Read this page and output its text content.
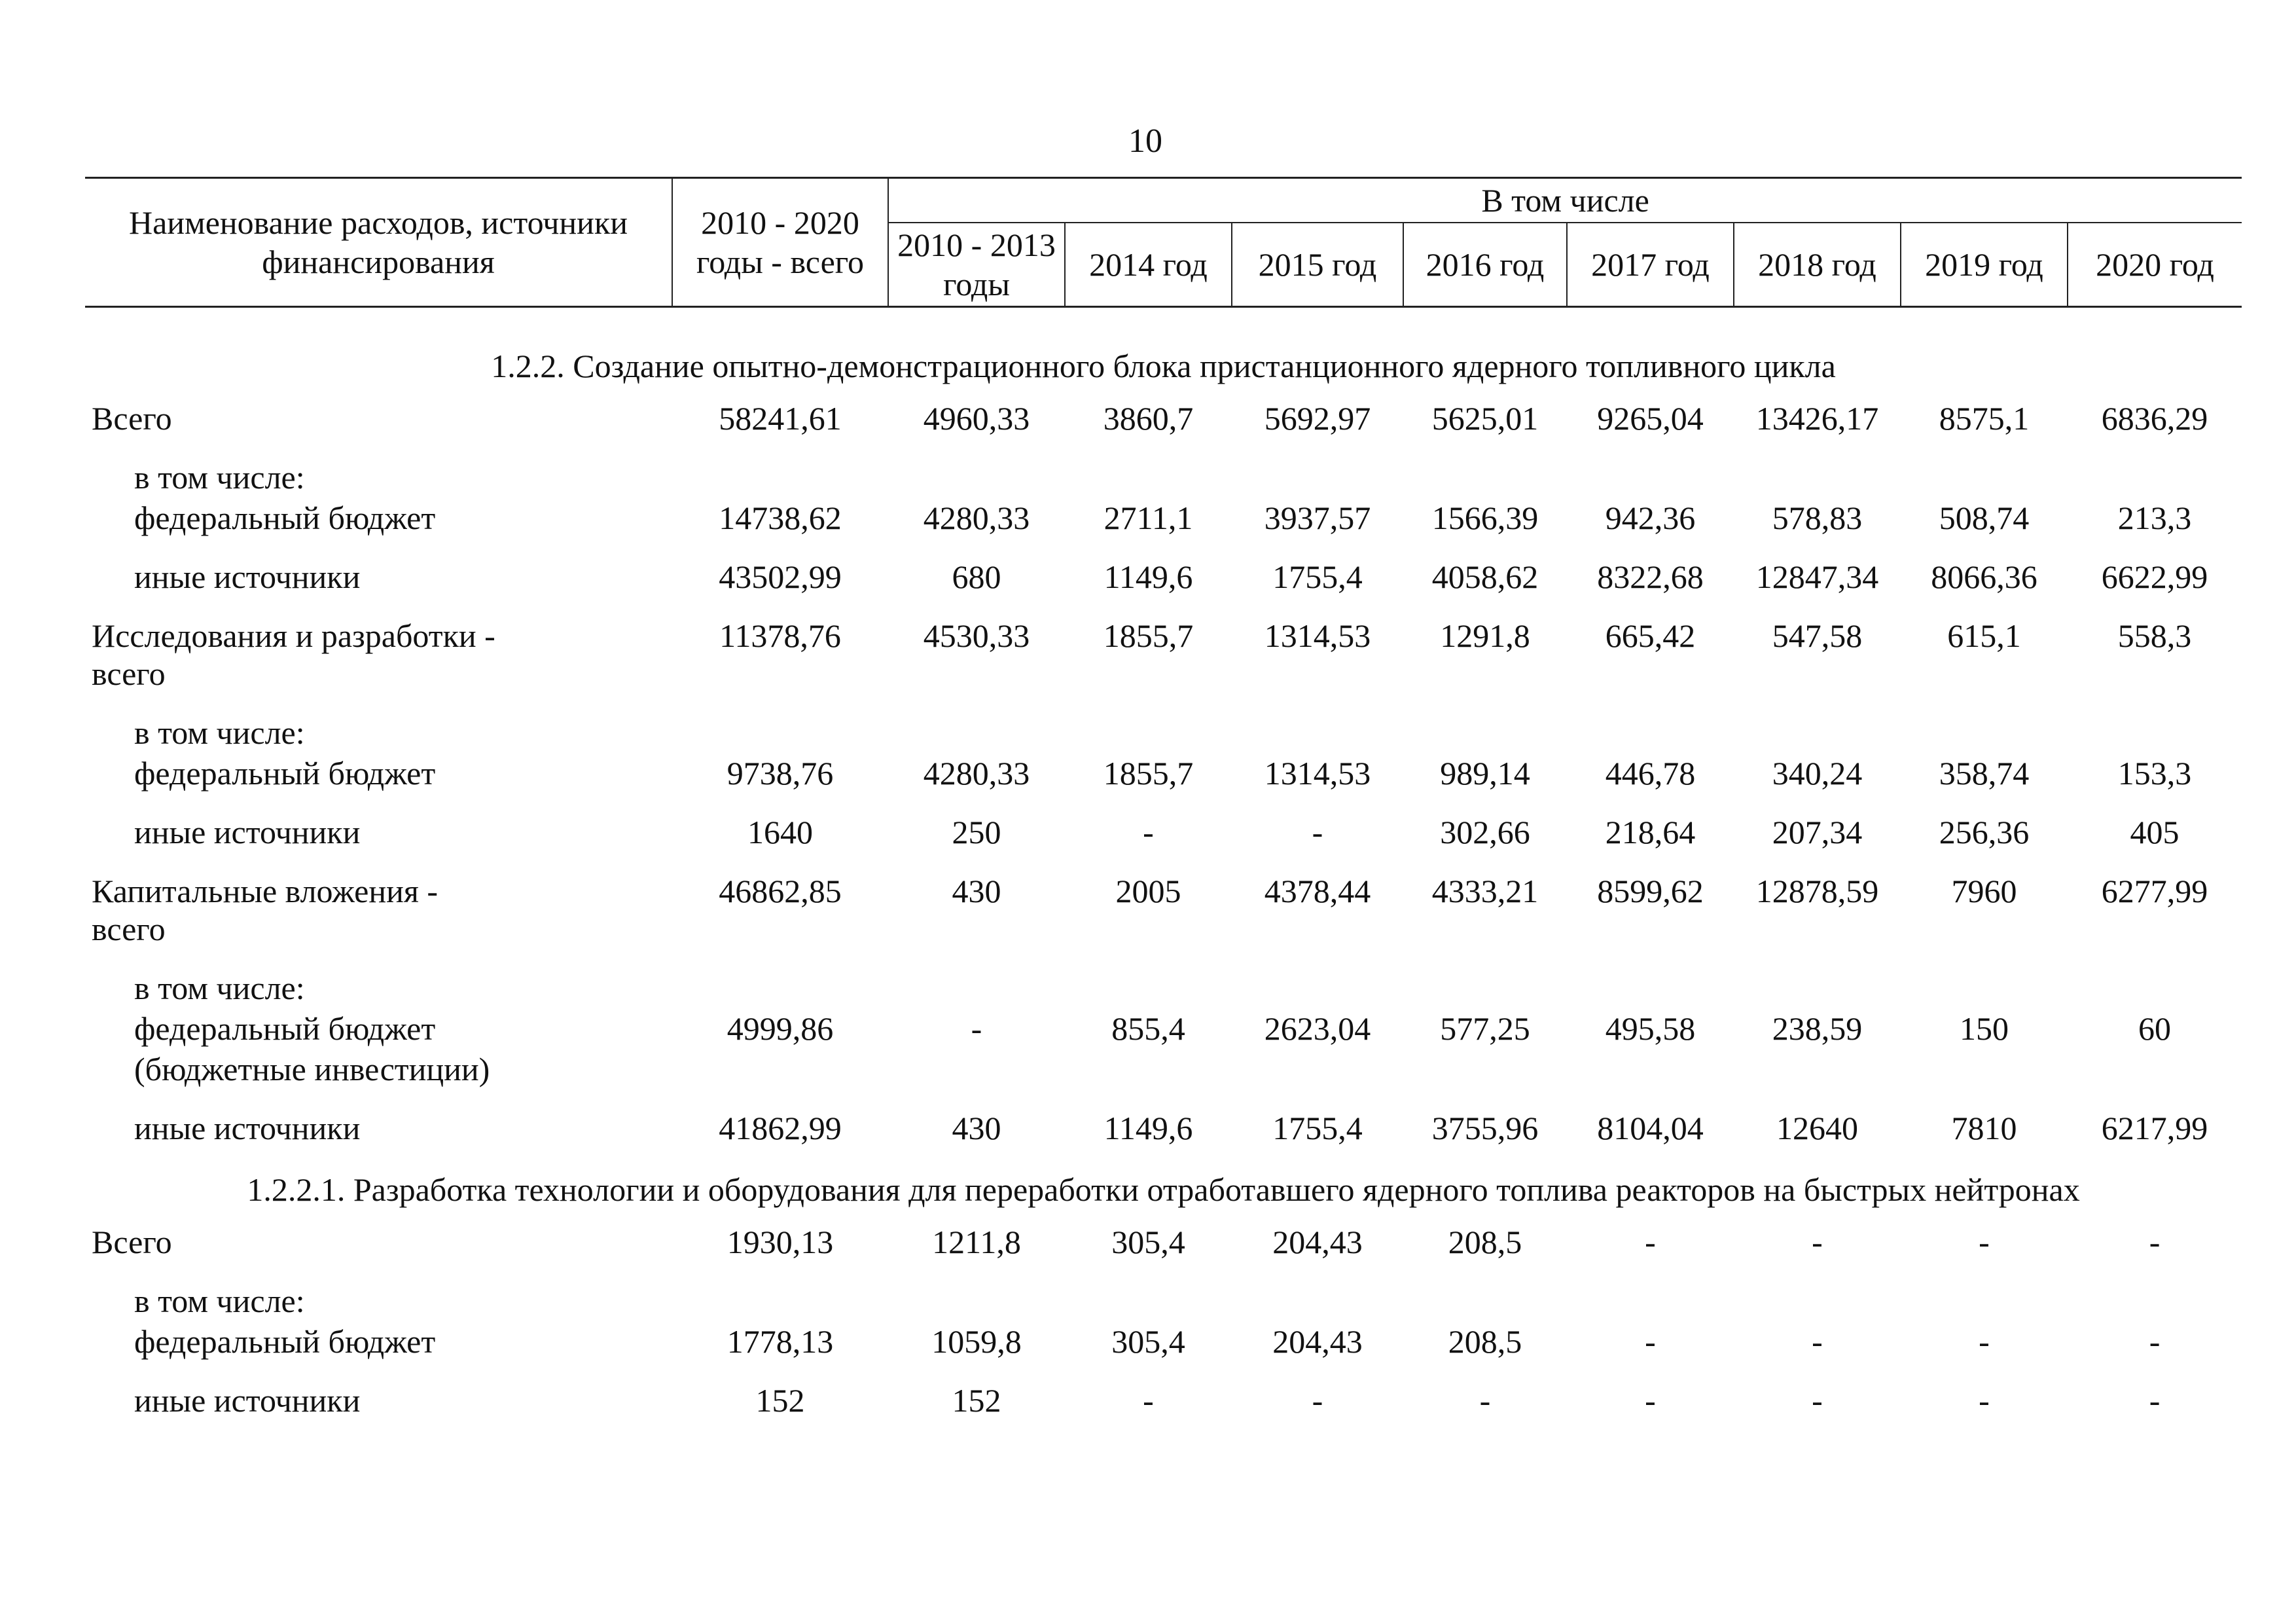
10
Наименование расходов, источники финансирования	2010 - 2020 годы - всего	В том числе							
		2010 - 2013 годы	2014 год	2015 год	2016 год	2017 год	2018 год	2019 год	2020 год
1.2.2. Создание опытно-демонстрационного блока пристанционного ядерного топливного цикла									

Всего	58241,61	4960,33	3860,7	5692,97	5625,01	9265,04	13426,17	8575,1	6836,29

в том числе:
федеральный бюджет	14738,62	4280,33	2711,1	3937,57	1566,39	942,36	578,83	508,74	213,3

иные источники	43502,99	680	1149,6	1755,4	4058,62	8322,68	12847,34	8066,36	6622,99

Исследования и разработки -
всего	11378,76	4530,33	1855,7	1314,53	1291,8	665,42	547,58	615,1	558,3

в том числе:
федеральный бюджет	9738,76	4280,33	1855,7	1314,53	989,14	446,78	340,24	358,74	153,3

иные источники	1640	250	-	-	302,66	218,64	207,34	256,36	405

Капитальные вложения -
всего	46862,85	430	2005	4378,44	4333,21	8599,62	12878,59	7960	6277,99

в том числе:
федеральный бюджет
(бюджетные инвестиции)	4999,86	-	855,4	2623,04	577,25	495,58	238,59	150	60

иные источники	41862,99	430	1149,6	1755,4	3755,96	8104,04	12640	7810	6217,99
1.2.2.1. Разработка технологии и оборудования для переработки отработавшего ядерного топлива реакторов на быстрых нейтронах									

Всего	1930,13	1211,8	305,4	204,43	208,5	-	-	-	-

в том числе:
федеральный бюджет	1778,13	1059,8	305,4	204,43	208,5	-	-	-	-

иные источники	152	152	-	-	-	-	-	-	-
